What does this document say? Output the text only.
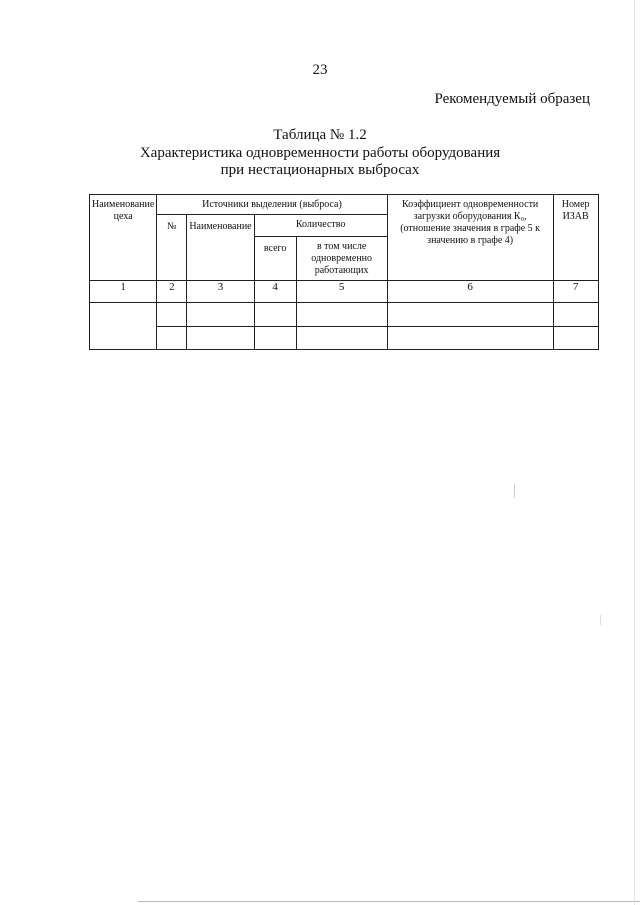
23
Рекомендуемый образец
Таблица № 1.2
Характеристика одновременности работы оборудования
при нестационарных выбросах
Наименование цеха	Источники выделения (выброса)				Коэффициент одновременности загрузки оборудования К₀, (отношение значения в графе 5 к значению в графе 4)	Номер ИЗАВ
	№	Наименование	Количество			
			всего	в том числе одновременно работающих		
1	2	3	4	5	6	7
